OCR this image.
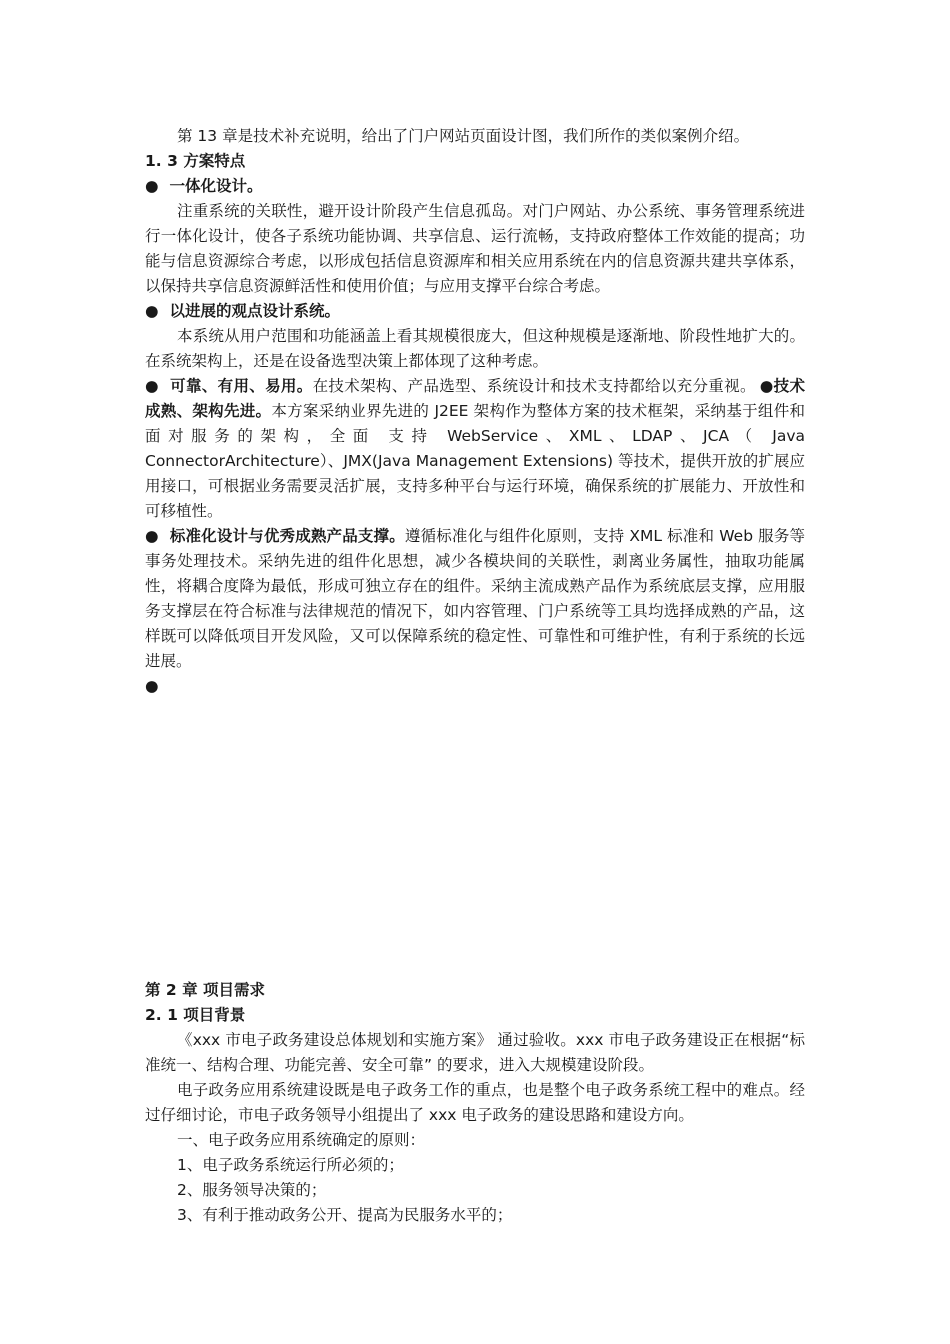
第 13 章是技术补充说明，给出了门户网站页面设计图，我们所作的类似案例介绍。

1. 3 方案特点

● 一体化设计。

注重系统的关联性，避开设计阶段产生信息孤岛。对门户网站、办公系统、事务管理系统进行一体化设计，使各子系统功能协调、共享信息、运行流畅，支持政府整体工作效能的提高；功能与信息资源综合考虑，以形成包括信息资源库和相关应用系统在内的信息资源共建共享体系，以保持共享信息资源鲜活性和使用价值；与应用支撑平台综合考虑。

● 以进展的观点设计系统。

本系统从用户范围和功能涵盖上看其规模很庞大，但这种规模是逐渐地、阶段性地扩大的。在系统架构上，还是在设备选型决策上都体现了这种考虑。

● 可靠、有用、易用。在技术架构、产品选型、系统设计和技术支持都给以充分重视。 ●技术成熟、架构先进。本方案采纳业界先进的 J2EE 架构作为整体方案的技术框架，采纳基于组件和面对服务的架构，全面 支持 WebService、XML、LDAP、JCA（ Java ConnectorArchitecture）、JMX(Java Management Extensions) 等技术，提供开放的扩展应用接口，可根据业务需要灵活扩展，支持多种平台与运行环境，确保系统的扩展能力、开放性和可移植性。

● 标准化设计与优秀成熟产品支撑。遵循标准化与组件化原则，支持 XML 标准和 Web 服务等事务处理技术。采纳先进的组件化思想，减少各模块间的关联性，剥离业务属性，抽取功能属性，将耦合度降为最低，形成可独立存在的组件。采纳主流成熟产品作为系统底层支撑，应用服务支撑层在符合标准与法律规范的情况下，如内容管理、门户系统等工具均选择成熟的产品，这样既可以降低项目开发风险，又可以保障系统的稳定性、可靠性和可维护性，有利于系统的长远进展。

●

第 2 章 项目需求

2. 1 项目背景

《xxx 市电子政务建设总体规划和实施方案》 通过验收。xxx 市电子政务建设正在根据“标准统一、结构合理、功能完善、安全可靠” 的要求，进入大规模建设阶段。

电子政务应用系统建设既是电子政务工作的重点，也是整个电子政务系统工程中的难点。经过仔细讨论，市电子政务领导小组提出了 xxx 电子政务的建设思路和建设方向。

一、电子政务应用系统确定的原则：

1、电子政务系统运行所必须的；

2、服务领导决策的；

3、有利于推动政务公开、提高为民服务水平的；
